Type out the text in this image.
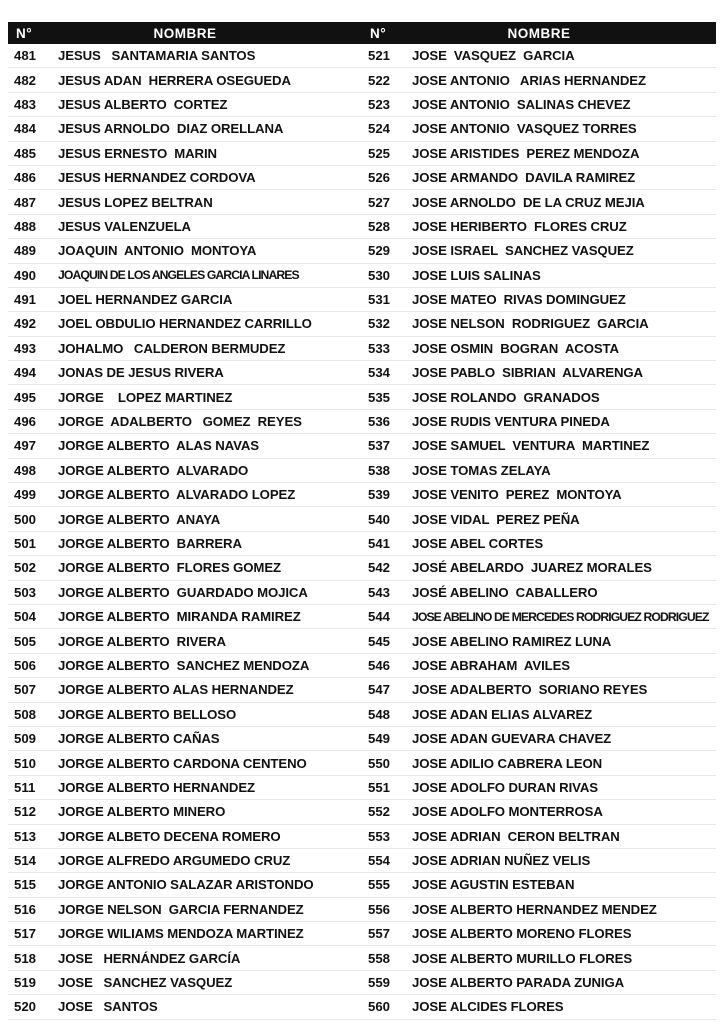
N°	NOMBRE
481	JESUS   SANTAMARIA SANTOS
482	JESUS ADAN  HERRERA OSEGUEDA
483	JESUS ALBERTO  CORTEZ
484	JESUS ARNOLDO  DIAZ ORELLANA
485	JESUS ERNESTO  MARIN
486	JESUS HERNANDEZ CORDOVA
487	JESUS LOPEZ BELTRAN
488	JESUS VALENZUELA
489	JOAQUIN  ANTONIO  MONTOYA
490	JOAQUIN DE LOS ANGELES GARCIA LINARES
491	JOEL HERNANDEZ GARCIA
492	JOEL OBDULIO HERNANDEZ CARRILLO
493	JOHALMO   CALDERON BERMUDEZ
494	JONAS DE JESUS RIVERA
495	JORGE    LOPEZ MARTINEZ
496	JORGE  ADALBERTO   GOMEZ  REYES
497	JORGE ALBERTO  ALAS NAVAS
498	JORGE ALBERTO  ALVARADO
499	JORGE ALBERTO  ALVARADO LOPEZ
500	JORGE ALBERTO  ANAYA
501	JORGE ALBERTO  BARRERA
502	JORGE ALBERTO  FLORES GOMEZ
503	JORGE ALBERTO  GUARDADO MOJICA
504	JORGE ALBERTO  MIRANDA RAMIREZ
505	JORGE ALBERTO  RIVERA
506	JORGE ALBERTO  SANCHEZ MENDOZA
507	JORGE ALBERTO ALAS HERNANDEZ
508	JORGE ALBERTO BELLOSO
509	JORGE ALBERTO CAÑAS
510	JORGE ALBERTO CARDONA CENTENO
511	JORGE ALBERTO HERNANDEZ
512	JORGE ALBERTO MINERO
513	JORGE ALBETO DECENA ROMERO
514	JORGE ALFREDO ARGUMEDO CRUZ
515	JORGE ANTONIO SALAZAR ARISTONDO
516	JORGE NELSON  GARCIA FERNANDEZ
517	JORGE WILIAMS MENDOZA MARTINEZ
518	JOSE   HERNÁNDEZ GARCÍA
519	JOSE   SANCHEZ VASQUEZ
520	JOSE   SANTOS
N°	NOMBRE
521	JOSE  VASQUEZ  GARCIA
522	JOSE ANTONIO   ARIAS HERNANDEZ
523	JOSE ANTONIO  SALINAS CHEVEZ
524	JOSE ANTONIO  VASQUEZ TORRES
525	JOSE ARISTIDES  PEREZ MENDOZA
526	JOSE ARMANDO  DAVILA RAMIREZ
527	JOSE ARNOLDO  DE LA CRUZ MEJIA
528	JOSE HERIBERTO  FLORES CRUZ
529	JOSE ISRAEL  SANCHEZ VASQUEZ
530	JOSE LUIS SALINAS
531	JOSE MATEO  RIVAS DOMINGUEZ
532	JOSE NELSON  RODRIGUEZ  GARCIA
533	JOSE OSMIN  BOGRAN  ACOSTA
534	JOSE PABLO  SIBRIAN  ALVARENGA
535	JOSE ROLANDO  GRANADOS
536	JOSE RUDIS VENTURA PINEDA
537	JOSE SAMUEL  VENTURA  MARTINEZ
538	JOSE TOMAS ZELAYA
539	JOSE VENITO  PEREZ  MONTOYA
540	JOSE VIDAL  PEREZ PEÑA
541	JOSE ABEL CORTES
542	JOSÉ ABELARDO  JUAREZ MORALES
543	JOSÉ ABELINO  CABALLERO
544	JOSE ABELINO DE MERCEDES RODRIGUEZ RODRIGUEZ
545	JOSE ABELINO RAMIREZ LUNA
546	JOSE ABRAHAM  AVILES
547	JOSE ADALBERTO  SORIANO REYES
548	JOSE ADAN ELIAS ALVAREZ
549	JOSE ADAN GUEVARA CHAVEZ
550	JOSE ADILIO CABRERA LEON
551	JOSE ADOLFO DURAN RIVAS
552	JOSE ADOLFO MONTERROSA
553	JOSE ADRIAN  CERON BELTRAN
554	JOSE ADRIAN NUÑEZ VELIS
555	JOSE AGUSTIN ESTEBAN
556	JOSE ALBERTO HERNANDEZ MENDEZ
557	JOSE ALBERTO MORENO FLORES
558	JOSE ALBERTO MURILLO FLORES
559	JOSE ALBERTO PARADA ZUNIGA
560	JOSE ALCIDES FLORES
